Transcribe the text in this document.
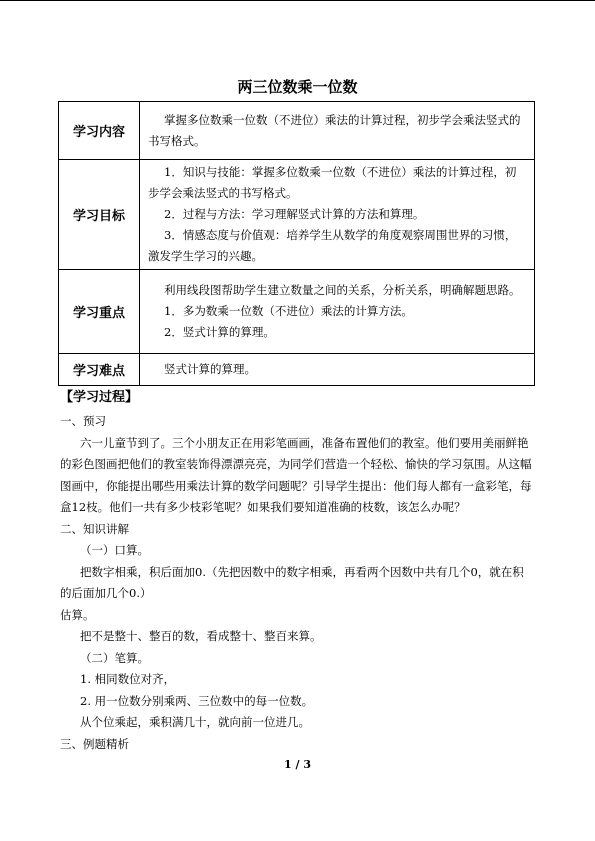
两三位数乘一位数
学习内容	掌握多位数乘一位数（不进位）乘法的计算过程，初步学会乘法竖式的书写格式。

学习目标	1．知识与技能：掌握多位数乘一位数（不进位）乘法的计算过程，初步学会乘法竖式的书写格式。

2．过程与方法：学习理解竖式计算的方法和算理。

3．情感态度与价值观：培养学生从数学的角度观察周围世界的习惯，激发学生学习的兴趣。

学习重点	利用线段图帮助学生建立数量之间的关系，分析关系，明确解题思路。

1．多为数乘一位数（不进位）乘法的计算方法。

2．竖式计算的算理。

学习难点	竖式计算的算理。

【学习过程】

一、预习

六一儿童节到了。三个小朋友正在用彩笔画画，准备布置他们的教室。他们要用美丽鲜艳的彩色图画把他们的教室装饰得漂漂亮亮，为同学们营造一个轻松、愉快的学习氛围。从这幅图画中，你能提出哪些用乘法计算的数学问题呢？引导学生提出：他们每人都有一盒彩笔，每盒12枝。他们一共有多少枝彩笔呢？如果我们要知道准确的枝数，该怎么办呢？

二、知识讲解

（一）口算。

把数字相乘，积后面加0.（先把因数中的数字相乘，再看两个因数中共有几个0，就在积的后面加几个0.）

估算。

把不是整十、整百的数，看成整十、整百来算。

（二）笔算。

1. 相同数位对齐，

2. 用一位数分别乘两、三位数中的每一位数。

从个位乘起，乘积满几十，就向前一位进几。

三、例题精析

1 / 3
